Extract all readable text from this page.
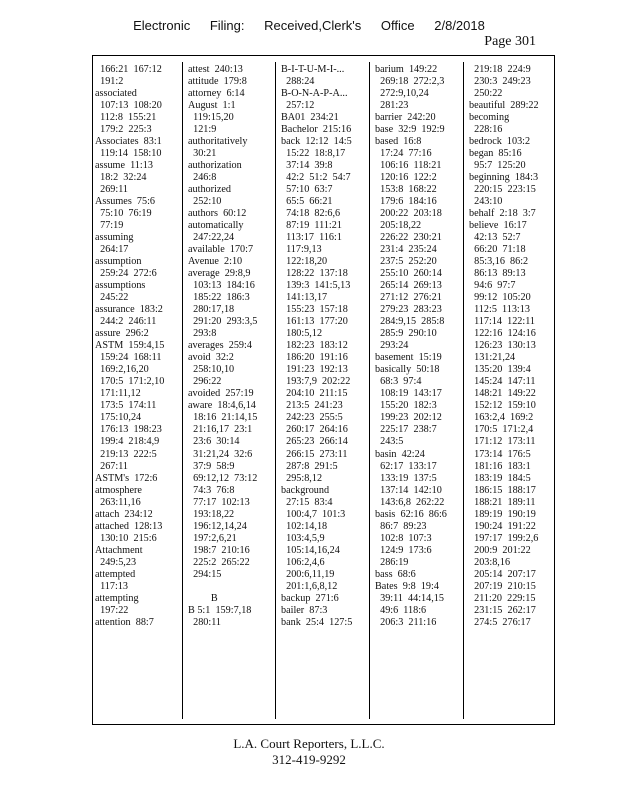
Electronic Filing: Received,Clerk's Office 2/8/2018
Page 301
166:21  167:12
191:2
associated
107:13  108:20
112:8  155:21
179:2  225:3
Associates  83:1
119:14  158:10
assume  11:13
18:2  32:24
269:11
Assumes  75:6
75:10  76:19
77:19
assuming
264:17
assumption
259:24  272:6
assumptions
245:22
assurance  183:2
244:2  246:11
assure  296:2
ASTM  159:4,15
159:24  168:11
169:2,16,20
170:5  171:2,10
171:11,12
173:5  174:11
175:10,24
176:13  198:23
199:4  218:4,9
219:13  222:5
267:11
ASTM's  172:6
atmosphere
263:11,16
attach  234:12
attached  128:13
130:10  215:6
Attachment
249:5,23
attempted
117:13
attempting
197:22
attention  88:7
attest  240:13
attitude  179:8
attorney  6:14
August  1:1
119:15,20
121:9
authoritatively
30:21
authorization
246:8
authorized
252:10
authors  60:12
automatically
247:22,24
available  170:7
Avenue  2:10
average  29:8,9
103:13  184:16
185:22  186:3
280:17,18
291:20  293:3,5
293:8
averages  259:4
avoid  32:2
258:10,10
296:22
avoided  257:19
aware  18:4,6,14
18:16  21:14,15
21:16,17  23:1
23:6  30:14
31:21,24  32:6
37:9  58:9
69:12,12  73:12
74:3  76:8
77:17  102:13
193:18,22
196:12,14,24
197:2,6,21
198:7  210:16
225:2  265:22
294:15
B
B 5:1  159:7,18
280:11
B-I-T-U-M-I-...
288:24
B-O-N-A-P-A...
257:12
BA01  234:21
Bachelor  215:16
back  12:12  14:5
15:22  18:8,17
37:14  39:8
42:2  51:2  54:7
57:10  63:7
65:5  66:21
74:18  82:6,6
87:19  111:21
113:17  116:1
117:9,13
122:18,20
128:22  137:18
139:3  141:5,13
141:13,17
155:23  157:18
161:13  177:20
180:5,12
182:23  183:12
186:20  191:16
191:23  192:13
193:7,9  202:22
204:10  211:15
213:5  241:23
242:23  255:5
260:17  264:16
265:23  266:14
266:15  273:11
287:8  291:5
295:8,12
background
27:15  83:4
100:4,7  101:3
102:14,18
103:4,5,9
105:14,16,24
106:2,4,6
200:6,11,19
201:1,6,8,12
backup  271:6
bailer  87:3
bank  25:4  127:5
barium  149:22
269:18  272:2,3
272:9,10,24
281:23
barrier  242:20
base  32:9  192:9
based  16:8
17:24  77:16
106:16  118:21
120:16  122:2
153:8  168:22
179:6  184:16
200:22  203:18
205:18,22
226:22  230:21
231:4  235:24
237:5  252:20
255:10  260:14
265:14  269:13
271:12  276:21
279:23  283:23
284:9,15  285:8
285:9  290:10
293:24
basement  15:19
basically  50:18
68:3  97:4
108:19  143:17
155:20  182:3
199:23  202:12
225:17  238:7
243:5
basin  42:24
62:17  133:17
133:19  137:5
137:14  142:10
143:6,8  262:22
basis  62:16  86:6
86:7  89:23
102:8  107:3
124:9  173:6
286:19
bass  68:6
Bates  9:8  19:4
39:11  44:14,15
49:6  118:6
206:3  211:16
219:18  224:9
230:3  249:23
250:22
beautiful  289:22
becoming
228:16
bedrock  103:2
began  85:16
95:7  125:20
beginning  184:3
220:15  223:15
243:10
behalf  2:18  3:7
believe  16:17
42:13  52:7
66:20  71:18
85:3,16  86:2
86:13  89:13
94:6  97:7
99:12  105:20
112:5  113:13
117:14  122:11
122:16  124:16
126:23  130:13
131:21,24
135:20  139:4
145:24  147:11
148:21  149:22
152:12  159:10
163:2,4  169:2
170:5  171:2,4
171:12  173:11
173:14  176:5
181:16  183:1
183:19  184:5
186:15  188:17
188:21  189:11
189:19  190:19
190:24  191:22
197:17  199:2,6
200:9  201:22
203:8,16
205:14  207:17
207:19  210:15
211:20  229:15
231:15  262:17
274:5  276:17
L.A. Court Reporters, L.L.C.
312-419-9292
